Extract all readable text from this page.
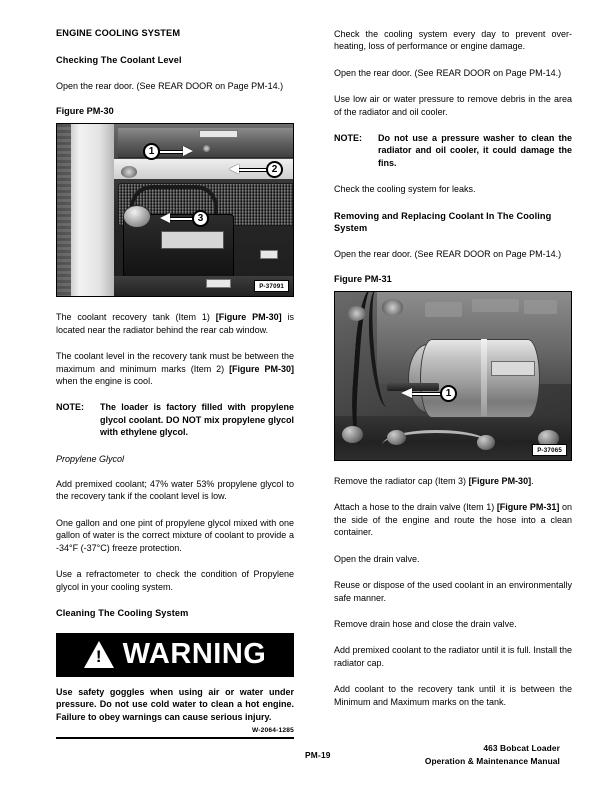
ENGINE COOLING SYSTEM
Checking The Coolant Level
Open the rear door. (See REAR DOOR on Page PM-14.)
Figure PM-30
1
2
3
P-37091
The coolant recovery tank (Item 1) [Figure PM-30] is located near the radiator behind the rear cab window.
The coolant level in the recovery tank must be between the maximum and minimum marks (Item 2) [Figure PM-30] when the engine is cool.
NOTE: The loader is factory filled with propylene glycol coolant. DO NOT mix propylene glycol with ethylene glycol.
Propylene Glycol
Add premixed coolant; 47% water 53% propylene glycol to the recovery tank if the coolant level is low.
One gallon and one pint of propylene glycol mixed with one gallon of water is the correct mixture of coolant to provide a -34°F (-37°C) freeze protection.
Use a refractometer to check the condition of Propylene glycol in your cooling system.
Cleaning The Cooling System
!
WARNING
Use safety goggles when using air or water under pressure. Do not use cold water to clean a hot engine. Failure to obey warnings can cause serious injury.
W-2064-1285
Check the cooling system every day to prevent over-heating, loss of performance or engine damage.
Open the rear door. (See REAR DOOR on Page PM-14.)
Use low air or water pressure to remove debris in the area of the radiator and oil cooler.
NOTE: Do not use a pressure washer to clean the radiator and oil cooler, it could damage the fins.
Check the cooling system for leaks.
Removing and Replacing Coolant In The Cooling System
Open the rear door. (See REAR DOOR on Page PM-14.)
Figure PM-31
1
P-37065
Remove the radiator cap (Item 3) [Figure PM-30].
Attach a hose to the drain valve (Item 1) [Figure PM-31] on the side of the engine and route the hose into a clean container.
Open the drain valve.
Reuse or dispose of the used coolant in an environmentally safe manner.
Remove drain hose and close the drain valve.
Add premixed coolant to the radiator until it is full. Install the radiator cap.
Add coolant to the recovery tank until it is between the Minimum and Maximum marks on the tank.
PM-19
463 Bobcat Loader
Operation & Maintenance Manual
